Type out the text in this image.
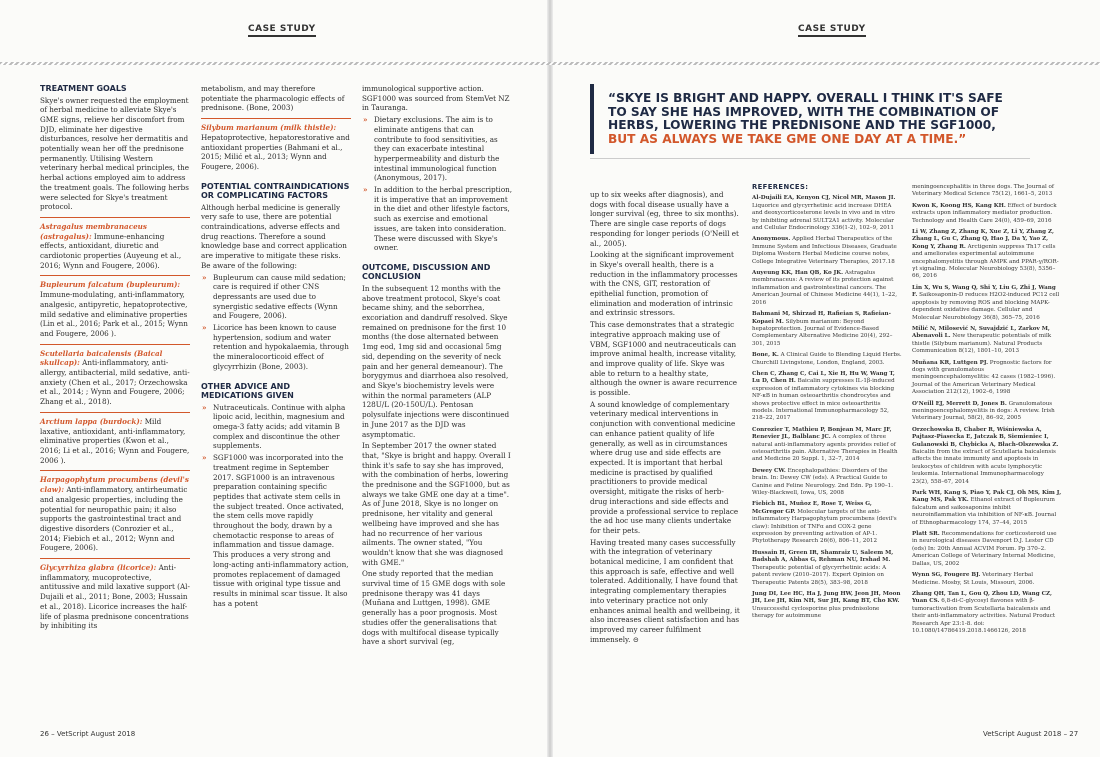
CASE STUDY	CASE STUDY
TREATMENT GOALS

Skye's owner requested the employment of herbal medicine to alleviate Skye's GME signs, relieve her discomfort from DJD, eliminate her digestive disturbances, resolve her dermatitis and potentially wean her off the prednisone permanently. Utilising Western veterinary herbal medical principles, the herbal actions employed aim to address the treatment goals. The following herbs were selected for Skye's treatment protocol.

Astragalus membranaceus (astragalus): Immune-enhancing effects, antioxidant, diuretic and cardiotonic properties (Auyeung et al., 2016; Wynn and Fougere, 2006).

Bupleurum falcatum (bupleurum): Immune-modulating, anti-inflammatory, analgesic, antipyretic, hepatoprotective, mild sedative and eliminative properties (Lin et al., 2016; Park et al., 2015; Wynn and Fougere, 2006 ).

Scutellaria baicalensis (Baical skullcap): Anti-inflammatory, anti-allergy, antibacterial, mild sedative, anti-anxiety (Chen et al., 2017; Orzechowska et al., 2014; ; Wynn and Fougere, 2006; Zhang et al., 2018).

Arctium lappa (burdock): Mild laxative, antioxidant, anti-inflammatory, eliminative properties (Kwon et al., 2016; Li et al., 2016; Wynn and Fougere, 2006 ).

Harpagophytum procumbens (devil's claw): Anti-inflammatory, antirheumatic and analgesic properties, including the potential for neuropathic pain; it also supports the gastrointestinal tract and digestive disorders (Conrozier et al., 2014; Fiebich et al., 2012; Wynn and Fougere, 2006).

Glycyrrhiza glabra (licorice): Anti-inflammatory, mucoprotective, antitussive and mild laxative support (Al-Dujaili et al., 2011; Bone, 2003; Hussain et al., 2018). Licorice increases the half-life of plasma prednisone concentrations by inhibiting its

metabolism, and may therefore potentiate the pharmacologic effects of prednisone. (Bone, 2003)

Silybum marianum (milk thistle): Hepatoprotective, hepatorestorative and antioxidant properties (Bahmani et al., 2015; Milić et al., 2013; Wynn and Fougere, 2006).

POTENTIAL CONTRAINDICATIONS OR COMPLICATING FACTORS

Although herbal medicine is generally very safe to use, there are potential contraindications, adverse effects and drug reactions. Therefore a sound knowledge base and correct application are imperative to mitigate these risks. Be aware of the following:

» Bupleurum can cause mild sedation; care is required if other CNS depressants are used due to synergistic sedative effects (Wynn and Fougere, 2006).
» Licorice has been known to cause hypertension, sodium and water retention and hypokalaemia, through the mineralocorticoid effect of glycyrrhizin (Bone, 2003).
OTHER ADVICE AND MEDICATIONS GIVEN
» Nutraceuticals. Continue with alpha lipoic acid, lecithin, magnesium and omega-3 fatty acids; add vitamin B complex and discontinue the other supplements.
» SGF1000 was incorporated into the treatment regime in September 2017. SGF1000 is an intravenous preparation containing specific peptides that activate stem cells in the subject treated. Once activated, the stem cells move rapidly throughout the body, drawn by a chemotactic response to areas of inflammation and tissue damage. This produces a very strong and long-acting anti-inflammatory action, promotes replacement of damaged tissue with original type tissue and results in minimal scar tissue. It also has a potent

immunological supportive action. SGF1000 was sourced from StemVet NZ in Tauranga.

» Dietary exclusions. The aim is to eliminate antigens that can contribute to food sensitivities, as they can exacerbate intestinal hyperpermeability and disturb the intestinal immunological function (Anonymous, 2017).
» In addition to the herbal prescription, it is imperative that an improvement in the diet and other lifestyle factors, such as exercise and emotional issues, are taken into consideration. These were discussed with Skye's owner.
OUTCOME, DISCUSSION AND CONCLUSION

In the subsequent 12 months with the above treatment protocol, Skye's coat became shiny, and the seborrhea, excoriation and dandruff resolved. Skye remained on prednisone for the first 10 months (the dose alternated between 1mg eod, 1mg sid and occasional 5mg sid, depending on the severity of neck pain and her general demeanour). The borygymus and diarrhoea also resolved, and Skye's biochemistry levels were within the normal parameters (ALP 128U/L (20-150U/L). Pentosan polysulfate injections were discontinued in June 2017 as the DJD was asymptomatic.

In September 2017 the owner stated that, "Skye is bright and happy. Overall I think it's safe to say she has improved, with the combination of herbs, lowering the prednisone and the SGF1000, but as always we take GME one day at a time". As of June 2018, Skye is no longer on prednisone, her vitality and general wellbeing have improved and she has had no recurrence of her various ailments. The owner stated, "You wouldn't know that she was diagnosed with GME."

One study reported that the median survival time of 15 GME dogs with sole prednisone therapy was 41 days (Muñana and Luttgen, 1998). GME generally has a poor prognosis. Most studies offer the generalisations that dogs with multifocal disease typically have a short survival (eg,

“SKYE IS BRIGHT AND HAPPY. OVERALL I THINK IT'S SAFE TO SAY SHE HAS IMPROVED, WITH THE COMBINATION OF HERBS, LOWERING THE PREDNISONE AND THE SGF1000, BUT AS ALWAYS WE TAKE GME ONE DAY AT A TIME.”

up to six weeks after diagnosis), and dogs with focal disease usually have a longer survival (eg, three to six months). There are single case reports of dogs responding for longer periods (O'Neill et al., 2005).

Looking at the significant improvement in Skye's overall health, there is a reduction in the inflammatory processes with the CNS, GIT, restoration of epithelial function, promotion of elimination and moderation of intrinsic and extrinsic stressors.

This case demonstrates that a strategic integrative approach making use of VBM, SGF1000 and neutraceuticals can improve animal health, increase vitality, and improve quality of life. Skye was able to return to a healthy state, although the owner is aware recurrence is possible.

A sound knowledge of complementary veterinary medical interventions in conjunction with conventional medicine can enhance patient quality of life generally, as well as in circumstances where drug use and side effects are expected. It is important that herbal medicine is practised by qualified practitioners to provide medical oversight, mitigate the risks of herb-drug interactions and side effects and provide a professional service to replace the ad hoc use many clients undertake for their pets.

Having treated many cases successfully with the integration of veterinary botanical medicine, I am confident that this approach is safe, effective and well tolerated. Additionally, I have found that integrating complementary therapies into veterinary practice not only enhances animal health and wellbeing, it also increases client satisfaction and has improved my career fulfilment immensely. ⊝

REFERENCES:
Al-Dujaili EA, Kenyon CJ, Nicol MR, Mason JI. Liquorice and glycyrrhetinic acid increase DHEA and deoxycorticosterone levels in vivo and in vitro by inhibiting adrenal SULT2A1 activity. Molecular and Cellular Endocrinology 336(1-2), 102–9, 2011
Anonymous. Applied Herbal Therapeutics of the Immune System and Infectious Diseases, Graduate Diploma Western Herbal Medicine course notes, College Integrative Veterinary Therapies, 2017.18
Auyeung KK, Han QB, Ko JK. Astragalus membranaceus: A review of its protection against inflammation and gastrointestinal cancers. The American Journal of Chinese Medicine 44(1), 1–22, 2016
Bahmani M, Shirzad H, Rafieian S, Rafieian-Kopaei M. Silybum marianum: Beyond hepatoprotection. Journal of Evidence-Based Complementary Alternative Medicine 20(4), 292–301, 2015
Bone, K. A Clinical Guide to Blending Liquid Herbs. Churchill Livingstone, London, England, 2003.
Chen C, Zhang C, Cai L, Xie H, Hu W, Wang T, Lu D, Chen H. Baicalin suppresses IL-1β-induced expression of inflammatory cytokines via blocking NF-κB in human osteoarthritis chondrocytes and shows protective effect in mice osteoarthritis models. International Immunopharmacology 52, 218–22, 2017
Conrozier T, Mathieu P, Bonjean M, Marc JF, Renevier JL, Balblanc JC. A complex of three natural anti-inflammatory agents provides relief of osteoarthritis pain. Alternative Therapies in Health and Medicine 20 Suppl. 1, 32–7, 2014
Dewey CW. Encephalopathies: Disorders of the brain. In: Dewey CW (eds). A Practical Guide to Canine and Feline Neurology. 2nd Edn. Pp 190–1. Wiley-Blackwell, Iowa, US, 2008
Fiebich BL, Muñoz E, Rose T, Weiss G, McGregor GP. Molecular targets of the anti-inflammatory Harpagophytum procumbens (devil's claw): Inhibition of TNFα and COX-2 gene expression by preventing activation of AP-1. Phytotherapy Research 26(6), 806–11, 2012
Hussain H, Green IR, Shamraiz U, Saleem M, Badshah A, Abbas G, Rehman NU, Irshad M. Therapeutic potential of glycyrrhetinic acids: A patent review (2010–2017). Expert Opinion on Therapeutic Patents 28(5), 383–98, 2018
Jung DI, Lee HC, Ha J, Jung HW, Jeon JH, Moon JH, Lee JH, Kim NH, Sur JH, Kang BT, Cho KW. Unsuccessful cyclosporine plus prednisolone therapy for autoimmune
meningoencephalitis in three dogs. The Journal of Veterinary Medical Science 75(12), 1661–5, 2013
Kwon K, Koong HS, Kang KH. Effect of burdock extracts upon inflammatory mediator production. Technology and Health Care 24(0), 459–69, 2016
Li W, Zhang Z, Zhang K, Xue Z, Li Y, Zhang Z, Zhang L, Gu C, Zhang Q, Hao J, Da Y, Yao Z, Kong Y, Zhang R. Arctigenin suppress Th17 cells and ameliorates experimental autoimmune encephalomyelitis through AMPK and PPAR-γ/ROR-γt signaling. Molecular Neurobiology 53(8), 5356–66, 2016
Lin X, Wu S, Wang Q, Shi Y, Liu G, Zhi J, Wang F. Saikosaponin-D reduces H2O2-induced PC12 cell apoptosis by removing ROS and blocking MAPK-dependent oxidative damage. Cellular and Molecular Neurobiology 36(8), 365–75, 2016
Milić N, Milosević N, Suvajdzić L, Zarkov M, Abenavoli L. New therapeutic potentials of milk thistle (Silybum marianum). Natural Products Communication 8(12), 1801–10, 2013
Muñana KR, Luttgen PJ. Prognostic factors for dogs with granulomatous meningoencephalomyelitis: 42 cases (1982–1996). Journal of the American Veterinary Medical Association 212(12), 1902–6, 1998
O'Neill EJ, Merrett D, Jones B. Granulomatous meningoencephalomyelitis in dogs: A review. Irish Veterinary Journal, 58(2), 86–92, 2005
Orzechowska B, Chaber R, Wiśniewska A, Pajtasz-Piasecka E, Jatczak B, Siemieniec I, Gulanowski B, Chybicka A, Błach-Olszewska Z. Baicalin from the extract of Scutellaria baicalensis affects the innate immunity and apoptosis in leukocytes of children with acute lymphocytic leukemia. International Immunopharmacology 23(2), 558–67, 2014
Park WH, Kang S, Piao Y, Pak CJ, Oh MS, Kim J, Kang MS, Pak YK. Ethanol extract of Bupleurum falcatum and saikosaponins inhibit neuroinflammation via inhibition of NF-κB. Journal of Ethnopharmacology 174, 37–44, 2015
Platt SR. Recommendations for corticosteroid use in neurological diseases Davenport D.J. Lester CD (eds) In: 20th Annual ACVIM Forum. Pp 370–2. American College of Veterinary Internal Medicine, Dallas, US, 2002
Wynn SG, Fougere BJ. Veterinary Herbal Medicine. Mosby, St Louis, Missouri, 2006.
Zhang QH, Tan L, Gou Q, Zhou LD, Wang CZ, Yuan CS. 6,8-di-C-glycosyl flavones with β-tumoractivation from Scutellaria baicalensis and their anti-inflammatory activities. Natural Product Research Apr 23:1-8. doi: 10.1080/14786419.2018.1466126, 2018
26 – VetScript August 2018	VetScript August 2018 – 27
